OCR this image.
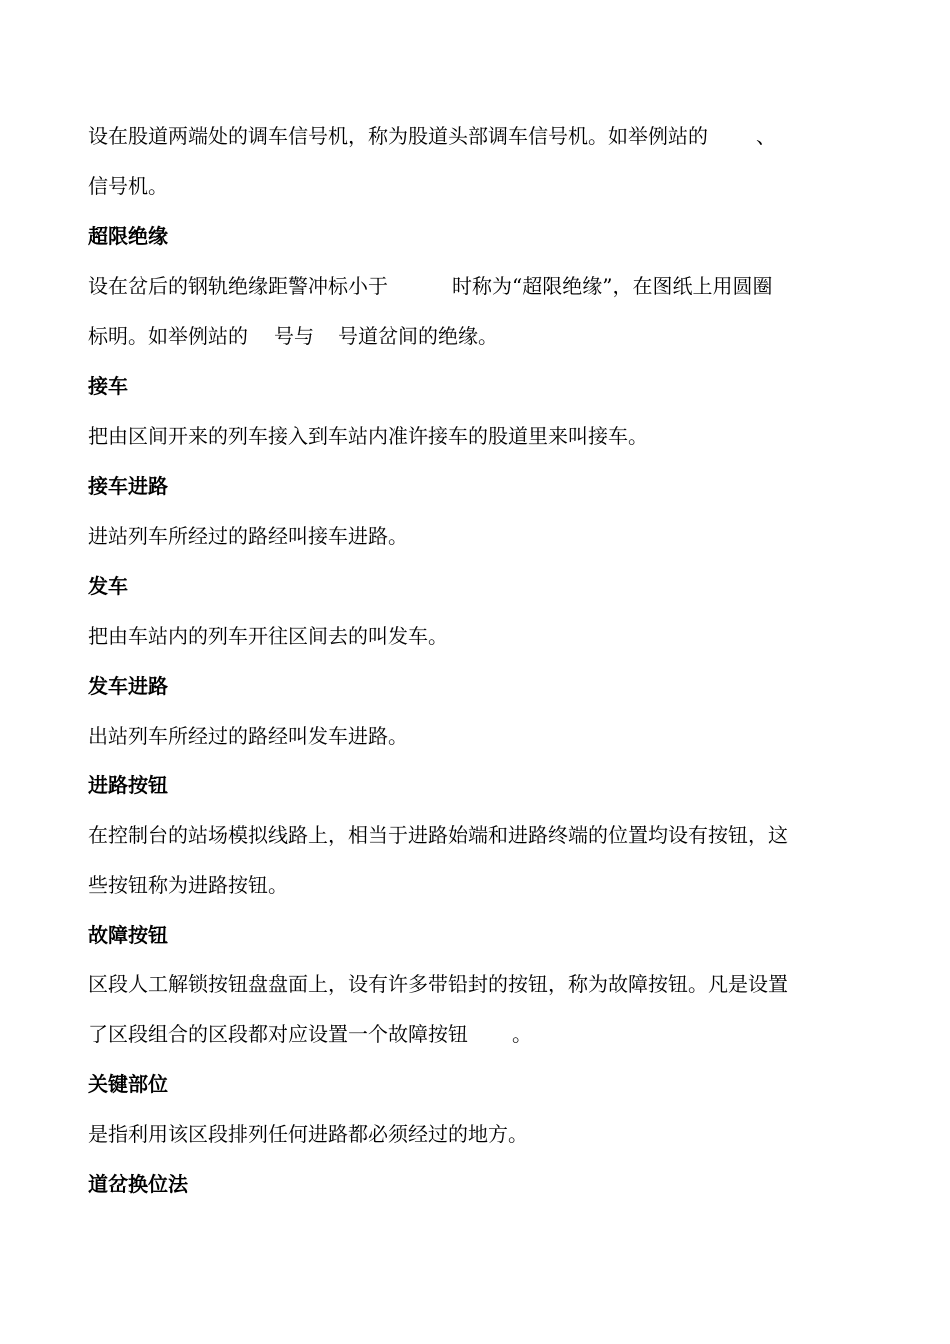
设在股道两端处的调车信号机，称为股道头部调车信号机。如举例站的 、
信号机。
超限绝缘
设在岔后的钢轨绝缘距警冲标小于	时称为“超限绝缘”，在图纸上用圆圈
标明。如举例站的 号与 号道岔间的绝缘。
接车
把由区间开来的列车接入到车站内准许接车的股道里来叫接车。
接车进路
进站列车所经过的路经叫接车进路。
发车
把由车站内的列车开往区间去的叫发车。
发车进路
出站列车所经过的路经叫发车进路。
进路按钮
在控制台的站场模拟线路上，相当于进路始端和进路终端的位置均设有按钮，这
些按钮称为进路按钮。
故障按钮
区段人工解锁按钮盘盘面上，设有许多带铅封的按钮，称为故障按钮。凡是设置
了区段组合的区段都对应设置一个故障按钮 。
关键部位
是指利用该区段排列任何进路都必须经过的地方。
道岔换位法
